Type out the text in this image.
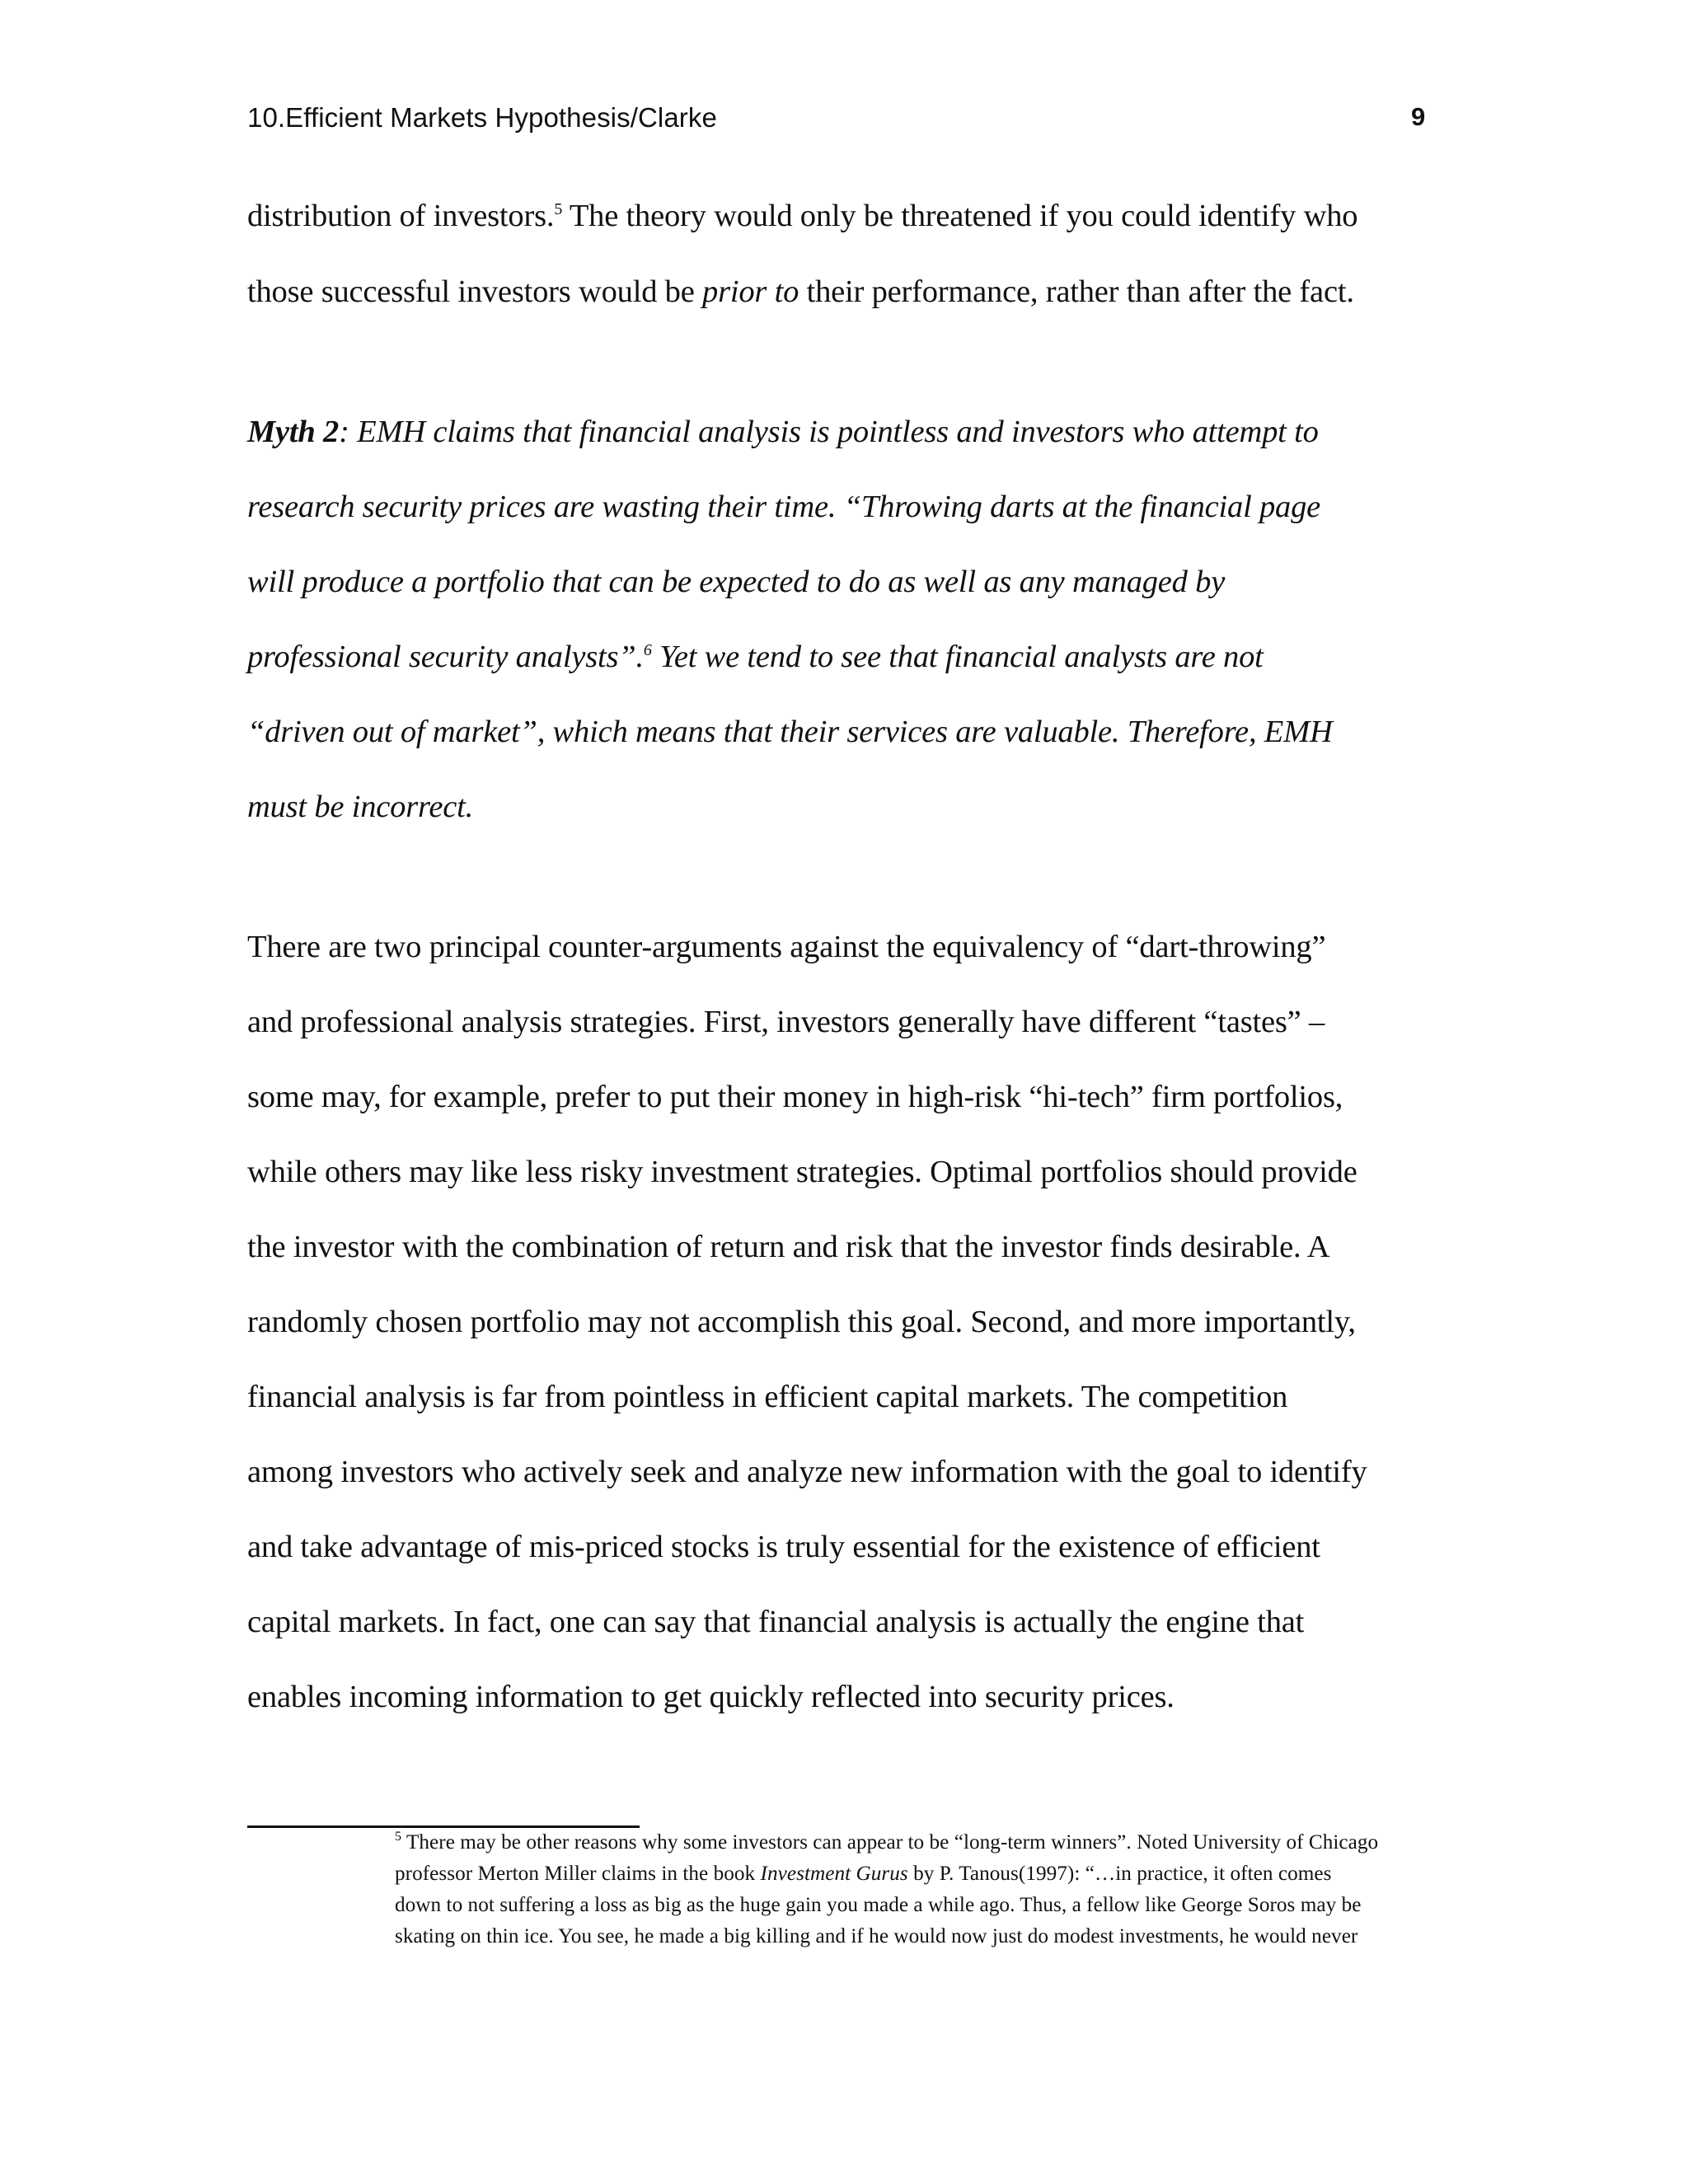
10.Efficient Markets Hypothesis/Clarke	9
distribution of investors.$^5$ The theory would only be threatened if you could identify who
those successful investors would be prior to their performance, rather than after the fact.
Myth 2: EMH claims that financial analysis is pointless and investors who attempt to
research security prices are wasting their time. “Throwing darts at the financial page
will produce a portfolio that can be expected to do as well as any managed by
professional security analysts”.$^6$ Yet we tend to see that financial analysts are not
“driven out of market”, which means that their services are valuable. Therefore, EMH
must be incorrect.
There are two principal counter-arguments against the equivalency of “dart-throwing”
and professional analysis strategies. First, investors generally have different “tastes” –
some may, for example, prefer to put their money in high-risk “hi-tech” firm portfolios,
while others may like less risky investment strategies. Optimal portfolios should provide
the investor with the combination of return and risk that the investor finds desirable. A
randomly chosen portfolio may not accomplish this goal. Second, and more importantly,
financial analysis is far from pointless in efficient capital markets. The competition
among investors who actively seek and analyze new information with the goal to identify
and take advantage of mis-priced stocks is truly essential for the existence of efficient
capital markets. In fact, one can say that financial analysis is actually the engine that
enables incoming information to get quickly reflected into security prices.
$^5$ There may be other reasons why some investors can appear to be “long-term winners”. Noted University of Chicago
professor Merton Miller claims in the book Investment Gurus by P. Tanous(1997): “…in practice, it often comes
down to not suffering a loss as big as the huge gain you made a while ago. Thus, a fellow like George Soros may be
skating on thin ice. You see, he made a big killing and if he would now just do modest investments, he would never
